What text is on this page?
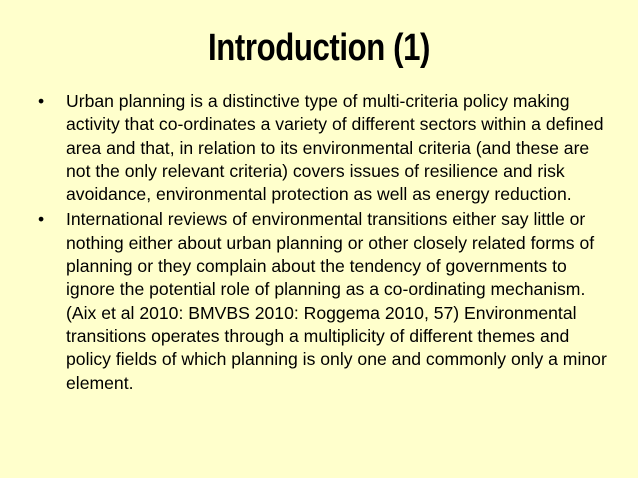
Introduction (1)
•	Urban planning is a distinctive type of multi-criteria policy making activity that co-ordinates a variety of different sectors within a defined area and that, in relation to its environmental criteria (and these are not the only relevant criteria) covers issues of resilience and risk avoidance, environmental protection as well as energy reduction.
•	International reviews of environmental transitions either say little or nothing either about urban planning or other closely related forms of planning or they complain about the tendency of governments to ignore the potential role of planning as a co-ordinating mechanism. (Aix et al 2010: BMVBS 2010: Roggema 2010, 57) Environmental transitions operates through a multiplicity of different themes and policy fields of which planning is only one and commonly only a minor element.
